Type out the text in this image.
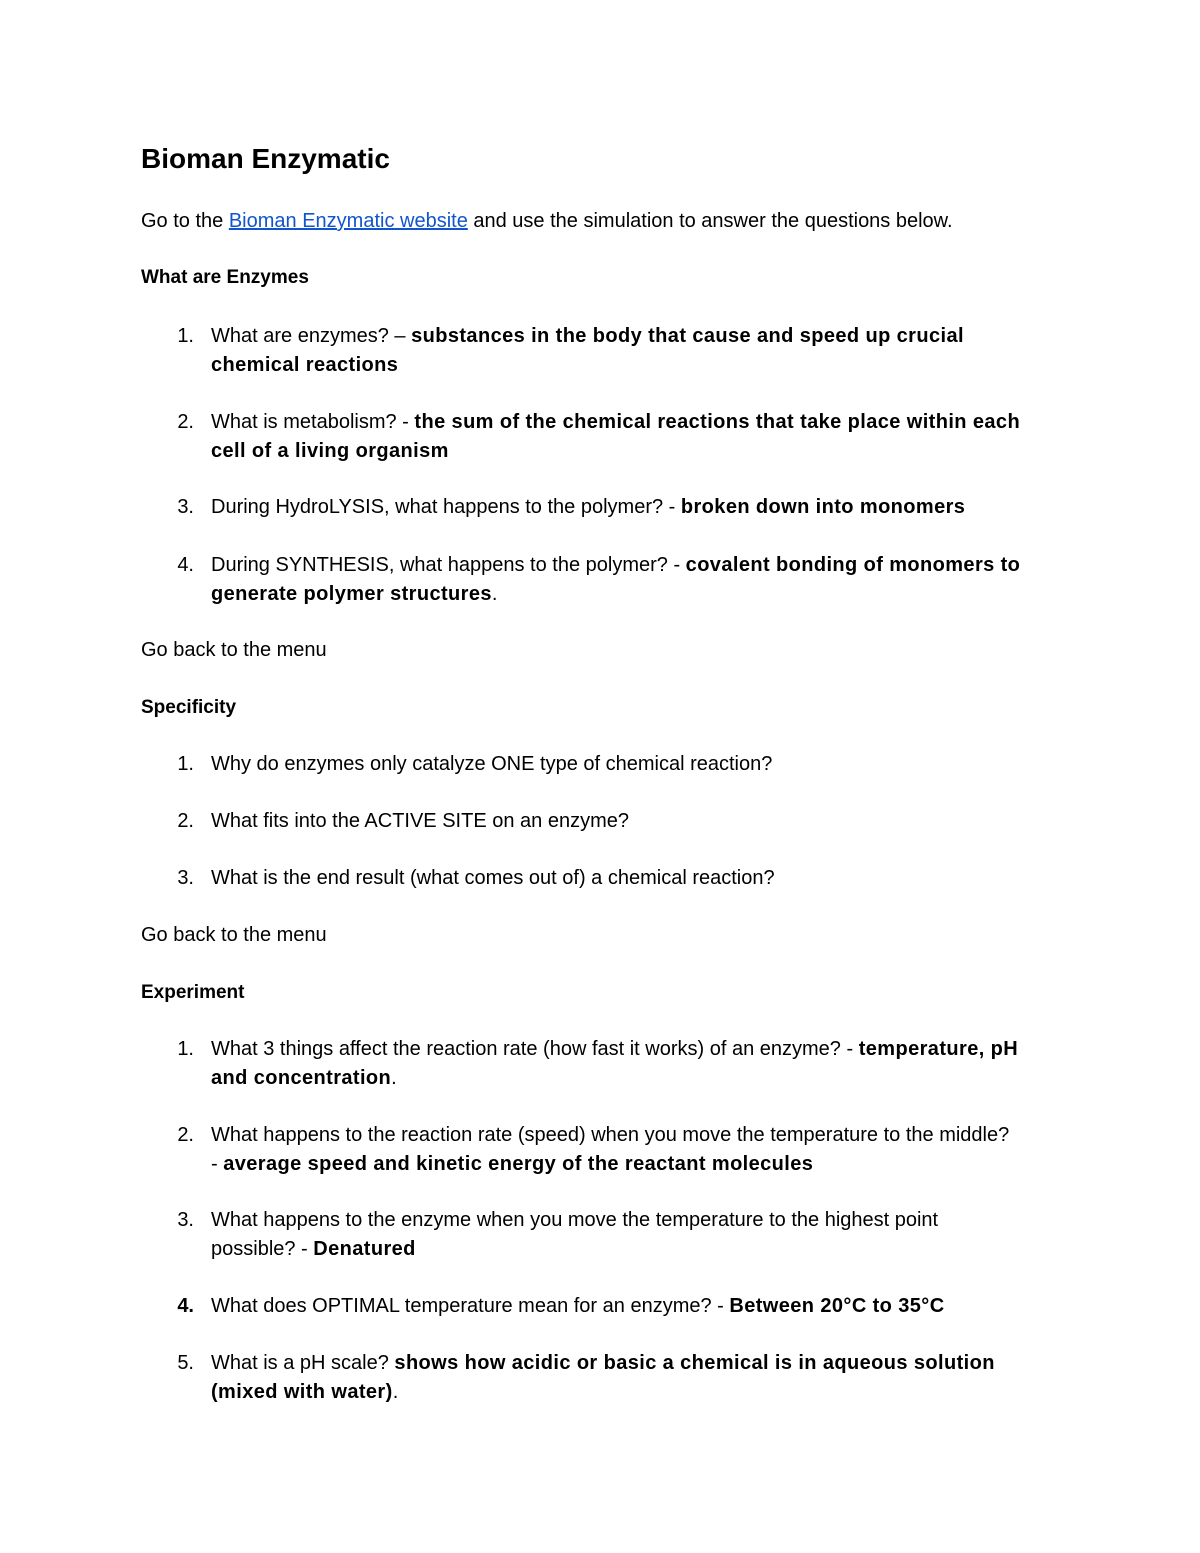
Bioman Enzymatic
Go to the Bioman Enzymatic website and use the simulation to answer the questions below.
What are Enzymes
1. What are enzymes? – substances in the body that cause and speed up crucial chemical reactions
2. What is metabolism? - the sum of the chemical reactions that take place within each cell of a living organism
3. During HydroLYSIS, what happens to the polymer? - broken down into monomers
4. During SYNTHESIS, what happens to the polymer? - covalent bonding of monomers to generate polymer structures.
Go back to the menu
Specificity
1. Why do enzymes only catalyze ONE type of chemical reaction?
2. What fits into the ACTIVE SITE on an enzyme?
3. What is the end result (what comes out of) a chemical reaction?
Go back to the menu
Experiment
1. What 3 things affect the reaction rate (how fast it works) of an enzyme? - temperature, pH and concentration.
2. What happens to the reaction rate (speed) when you move the temperature to the middle? - average speed and kinetic energy of the reactant molecules
3. What happens to the enzyme when you move the temperature to the highest point possible? - Denatured
4. What does OPTIMAL temperature mean for an enzyme? - Between 20°C to 35°C
5. What is a pH scale? shows how acidic or basic a chemical is in aqueous solution (mixed with water).
